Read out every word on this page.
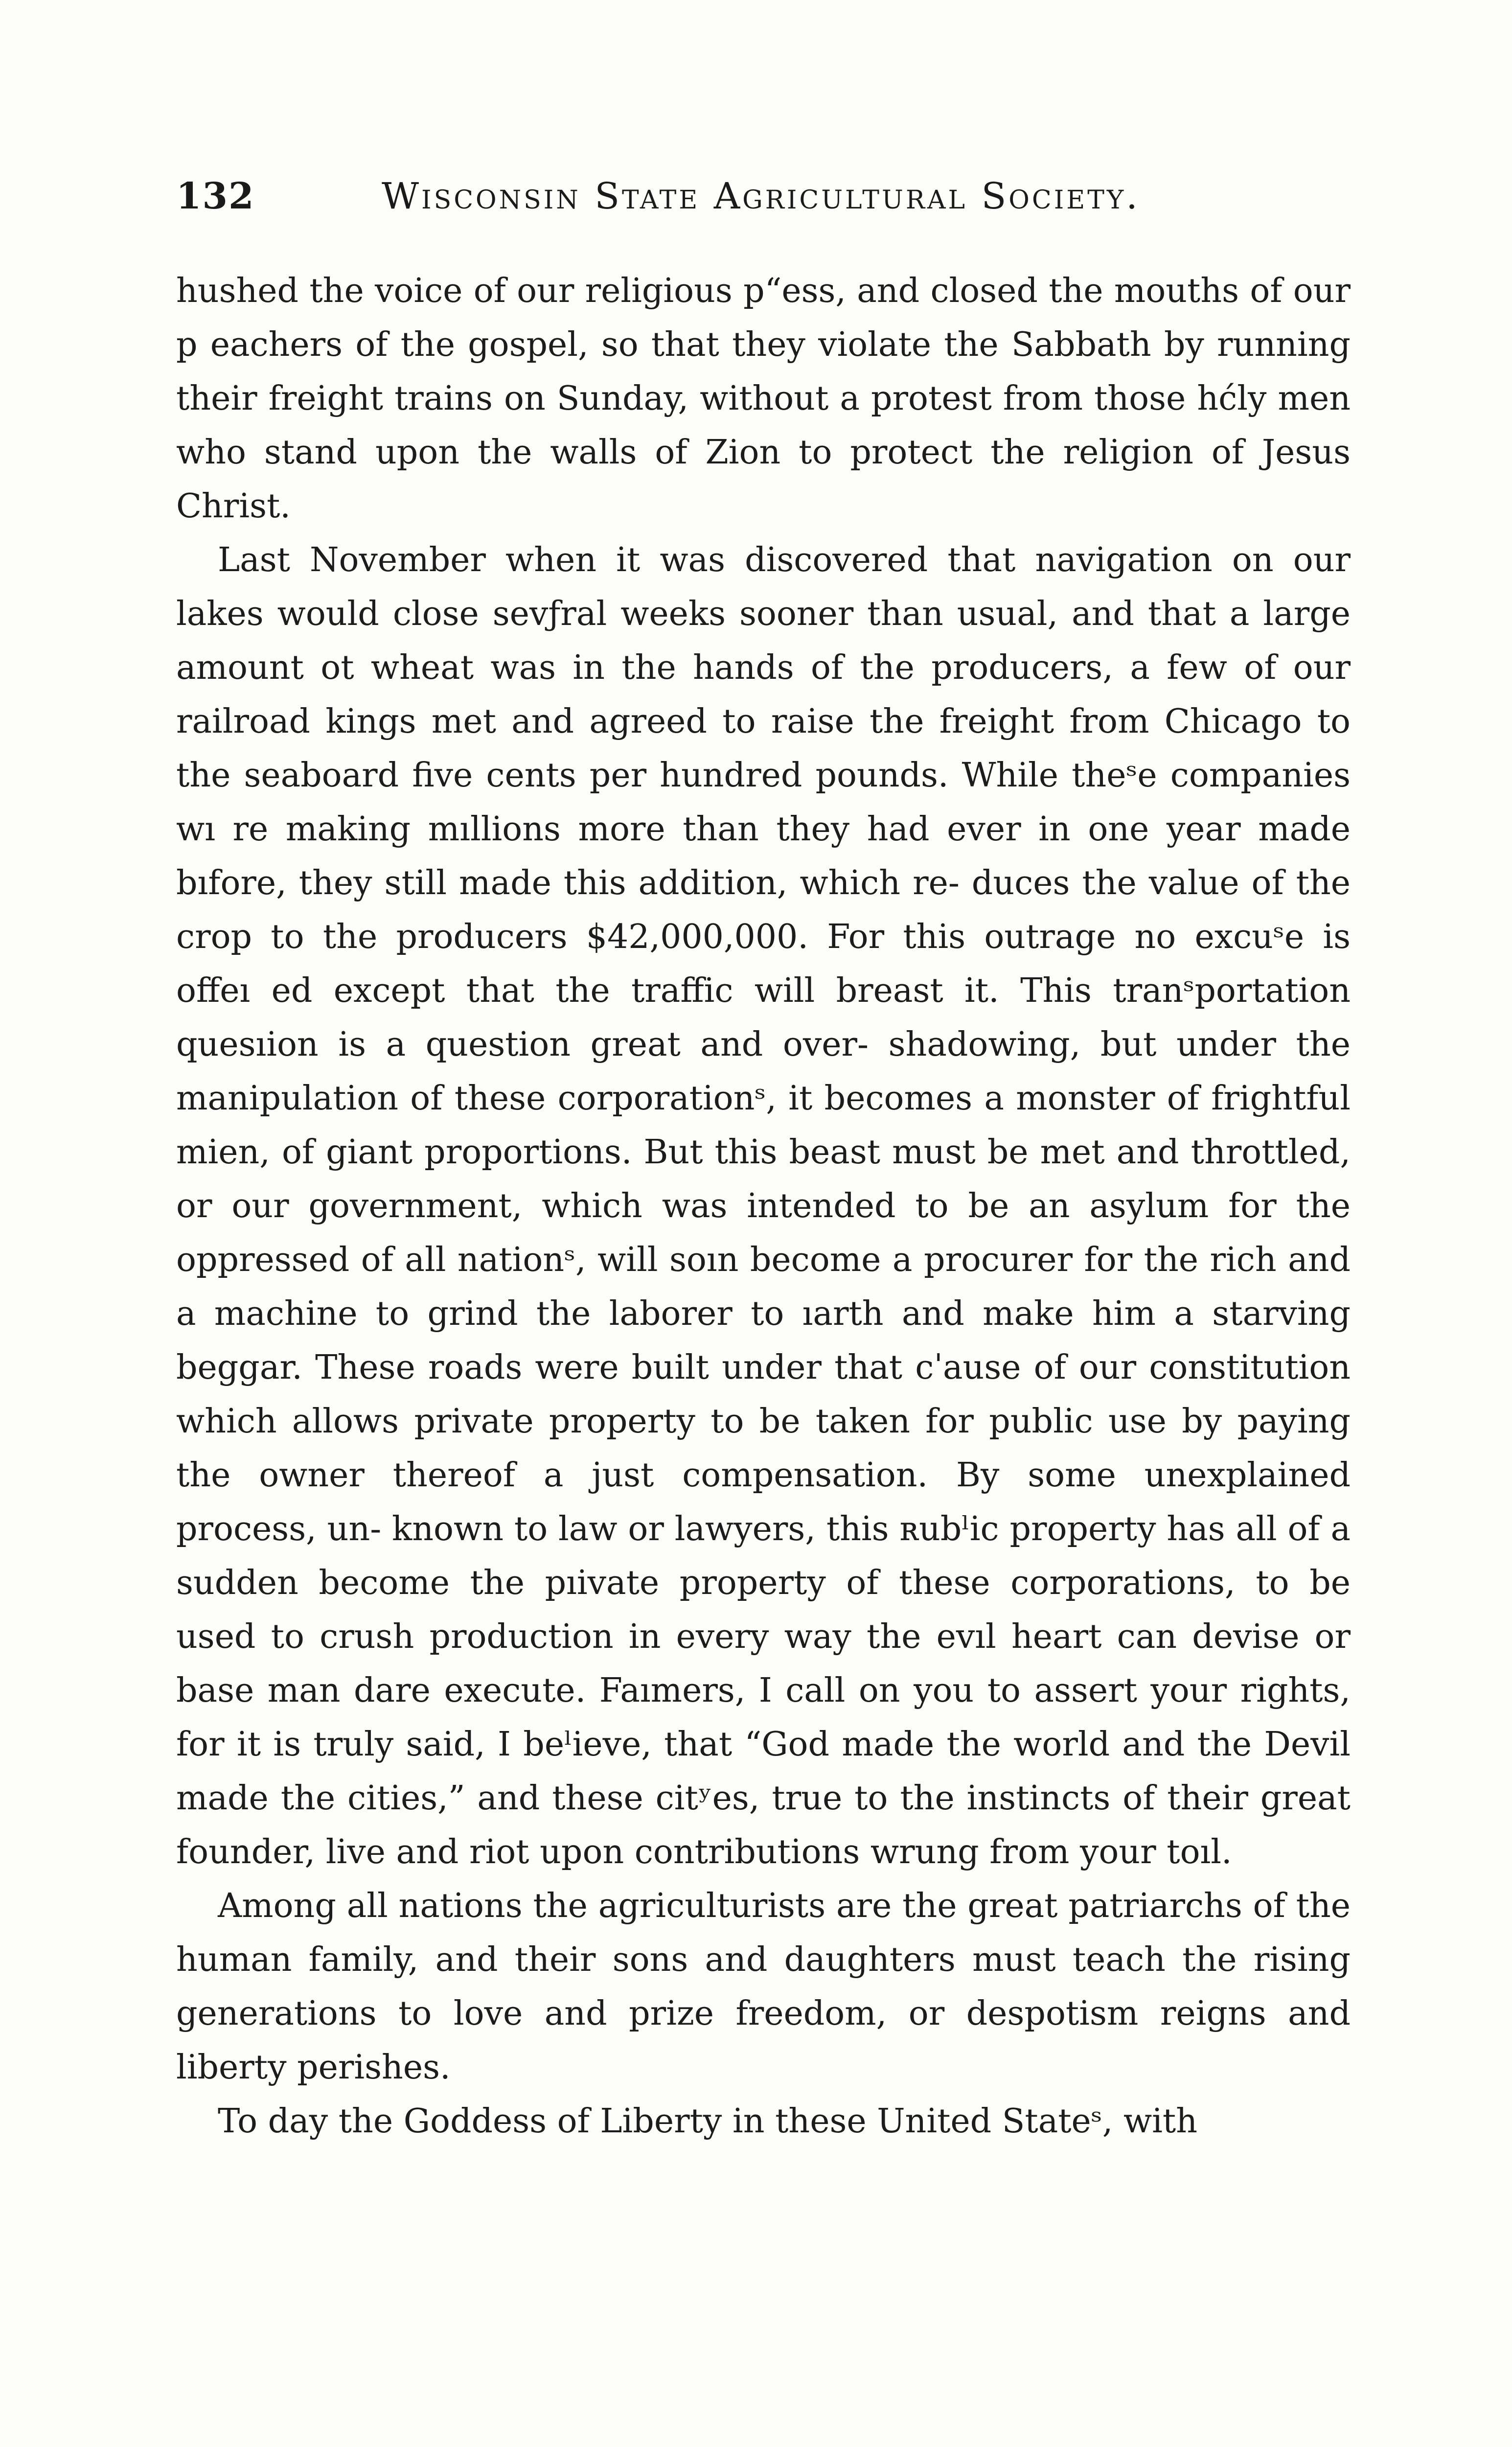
132	Wisconsin State Agricultural Society.

hushed the voice of our religious p“ess, and closed the mouths of our p eachers of the gospel, so that they violate the Sаbbath by running their freight trains on Sunday, without a protest from those hćly men who stand upon the walls of Zion to protect the religion of Jesus Christ.

Last November when it was discovered that navigation on our lakes would close sevƒral weeks sooner than usual, and that a large amount ot wheat was in the hands of the producers, a few of our railroad kings met and agreed to raise the freight from Chicago to the seaboard five cents per hundred pounds. While theˢe companies wı re making mıllions more than they had ever in one year made bıfore, they still made this addition, which re- duces the value of the crop to the producers $42,000,000. For this outrage no excuˢe is offeı ed except that the traffic will breast it. This tranˢportation quesıion is a question great and over- shadowing, but under the manipulation of these corporationˢ, it becomes a monster of frightful mien, of giant proportions. But this beast must be met and throttled, or our government, which was intended to be an asylum for the oppressed of all nationˢ, will soın become a procurer for the rich and a machine to grind the laborer to ıarth and make him a starving beggar. These roads were built under that cˈause of our constitution which allows private property to be taken for public use by paying the owner thereof a just compensation. By some unexplained process, un- known to law or lawyers, this ʀubˡic property has all of a sudden become the pıivate property of these corporations, to be used to crush production in every way the evıl heart can devise or base man dare execute. Faımers, I call on you to assert your rights, for it is truly said, I beˡieve, that “God made the world and the Devil made the cities,” and these citʸes, true to the instincts of their great founder, live and riot upon contributions wrung from your toıl.

Among all nations the agriculturists are the great patriarchs of the human family, and their sons and daughters must teach the rising generations to love and prize freedom, or despotism reigns and liberty perishes.

To day the Goddess of Liberty in these United Stateˢ, with
